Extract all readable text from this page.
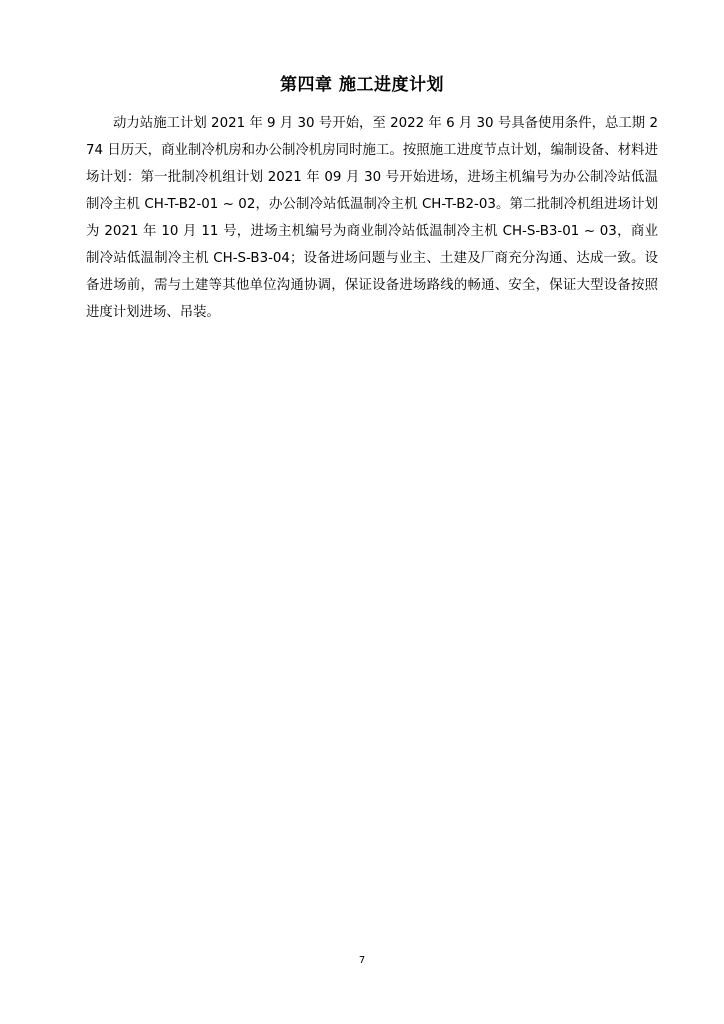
第四章 施工进度计划

动力站施工计划 2021 年 9 月 30 号开始，至 2022 年 6 月 30 号具备使用条件，总工期 274 日历天，商业制冷机房和办公制冷机房同时施工。按照施工进度节点计划，编制设备、材料进场计划：第一批制冷机组计划 2021 年 09 月 30 号开始进场，进场主机编号为办公制冷站低温制冷主机 CH-T-B2-01 ~ 02，办公制冷站低温制冷主机 CH-T-B2-03。第二批制冷机组进场计划为 2021 年 10 月 11 号，进场主机编号为商业制冷站低温制冷主机 CH-S-B3-01 ~ 03，商业制冷站低温制冷主机 CH-S-B3-04；设备进场问题与业主、土建及厂商充分沟通、达成一致。设备进场前，需与土建等其他单位沟通协调，保证设备进场路线的畅通、安全，保证大型设备按照进度计划进场、吊装。

7
